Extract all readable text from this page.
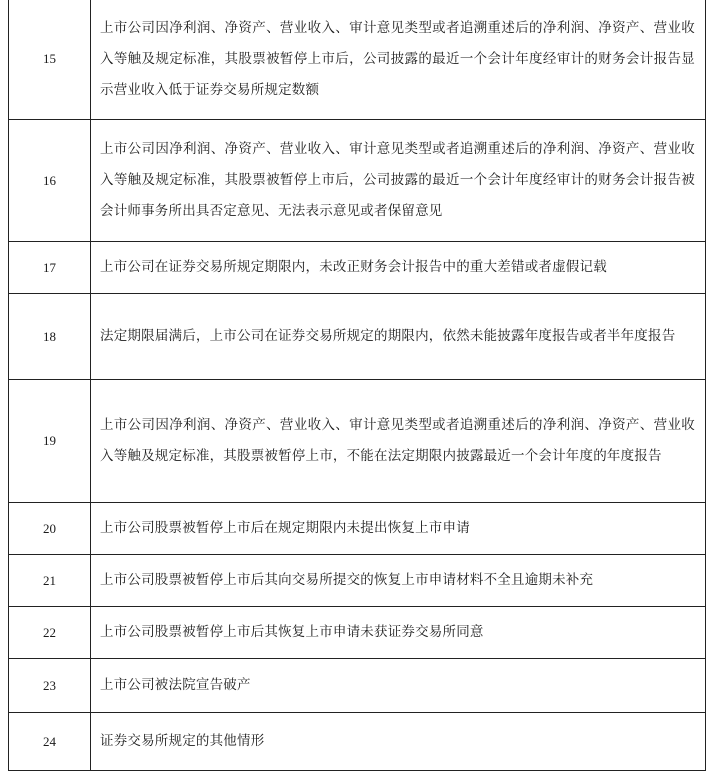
15	上市公司因净利润、净资产、营业收入、审计意见类型或者追溯重述后的净利润、净资产、营业收入等触及规定标准，其股票被暂停上市后，公司披露的最近一个会计年度经审计的财务会计报告显示营业收入低于证券交易所规定数额
16	上市公司因净利润、净资产、营业收入、审计意见类型或者追溯重述后的净利润、净资产、营业收入等触及规定标准，其股票被暂停上市后，公司披露的最近一个会计年度经审计的财务会计报告被会计师事务所出具否定意见、无法表示意见或者保留意见
17	上市公司在证券交易所规定期限内，未改正财务会计报告中的重大差错或者虚假记载
18	法定期限届满后，上市公司在证券交易所规定的期限内，依然未能披露年度报告或者半年度报告
19	上市公司因净利润、净资产、营业收入、审计意见类型或者追溯重述后的净利润、净资产、营业收入等触及规定标准，其股票被暂停上市，不能在法定期限内披露最近一个会计年度的年度报告
20	上市公司股票被暂停上市后在规定期限内未提出恢复上市申请
21	上市公司股票被暂停上市后其向交易所提交的恢复上市申请材料不全且逾期未补充
22	上市公司股票被暂停上市后其恢复上市申请未获证券交易所同意
23	上市公司被法院宣告破产
24	证券交易所规定的其他情形
